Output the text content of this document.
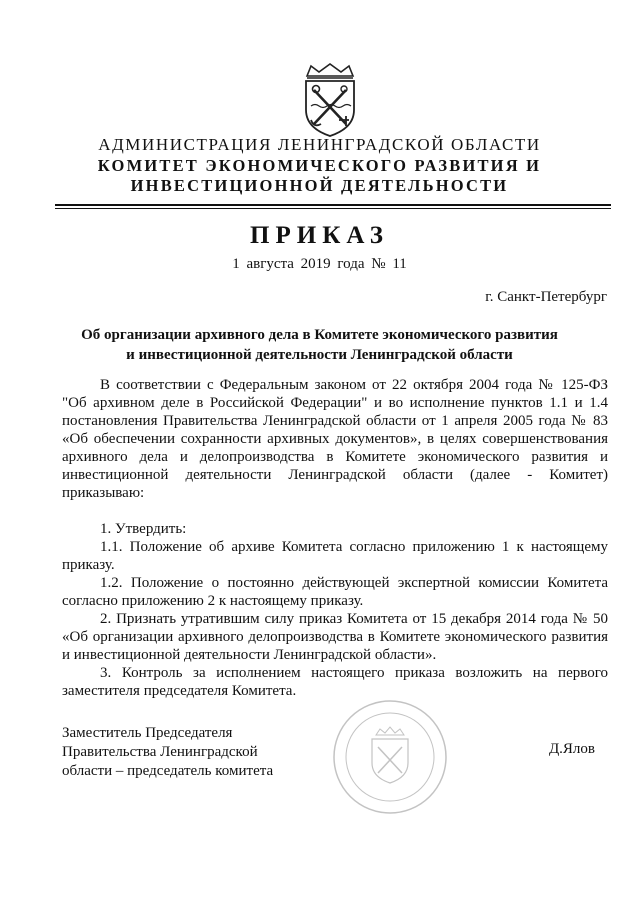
АДМИНИСТРАЦИЯ ЛЕНИНГРАДСКОЙ ОБЛАСТИ
КОМИТЕТ ЭКОНОМИЧЕСКОГО РАЗВИТИЯ И
ИНВЕСТИЦИОННОЙ ДЕЯТЕЛЬНОСТИ
ПРИКАЗ
1 августа 2019 года № 11
г. Санкт-Петербург
Об организации архивного дела в Комитете экономического развития
и инвестиционной деятельности Ленинградской области

В соответствии с Федеральным законом от 22 октября 2004 года № 125-ФЗ "Об архивном деле в Российской Федерации" и во исполнение пунктов 1.1 и 1.4 постановления Правительства Ленинградской области от 1 апреля 2005 года № 83 «Об обеспечении сохранности архивных документов», в целях совершенствования архивного дела и делопроизводства в Комитете экономического развития и инвестиционной деятельности Ленинградской области (далее - Комитет) приказываю:

1. Утвердить:

1.1. Положение об архиве Комитета согласно приложению 1 к настоящему приказу.

1.2. Положение о постоянно действующей экспертной комиссии Комитета согласно приложению 2 к настоящему приказу.

2. Признать утратившим силу приказ Комитета от 15 декабря 2014 года № 50 «Об организации архивного делопроизводства в Комитете экономического развития и инвестиционной деятельности Ленинградской области».

3. Контроль за исполнением настоящего приказа возложить на первого заместителя председателя Комитета.

Заместитель Председателя
Правительства Ленинградской
области – председатель комитета
Д.Ялов
